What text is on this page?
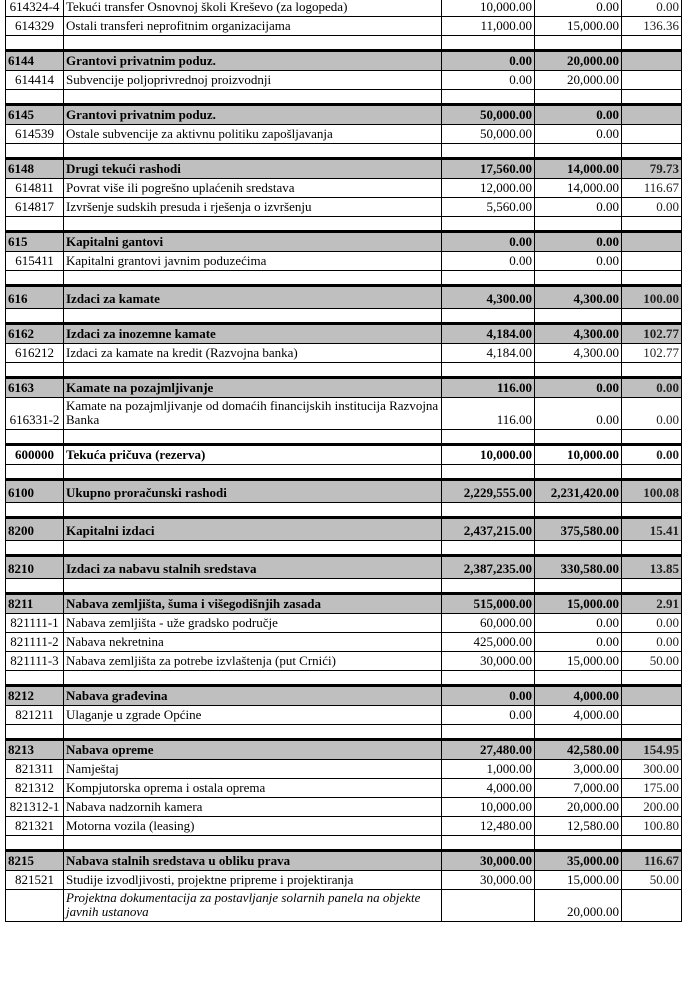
614324-4	Tekući transfer Osnovnoj školi Kreševo (za logopeda)	10,000.00	0.00	0.00
614329	Ostali transferi neprofitnim organizacijama	11,000.00	15,000.00	136.36

6144	Grantovi privatnim poduz.	0.00	20,000.00	
614414	Subvencije poljoprivrednoj proizvodnji	0.00	20,000.00	

6145	Grantovi privatnim poduz.	50,000.00	0.00	
614539	Ostale subvencije za aktivnu politiku zapošljavanja	50,000.00	0.00	

6148	Drugi tekući rashodi	17,560.00	14,000.00	79.73
614811	Povrat više ili pogrešno uplaćenih sredstava	12,000.00	14,000.00	116.67
614817	Izvršenje sudskih presuda i rješenja o izvršenju	5,560.00	0.00	0.00

615	Kapitalni gantovi	0.00	0.00	
615411	Kapitalni grantovi javnim poduzećima	0.00	0.00	

616	Izdaci za kamate	4,300.00	4,300.00	100.00

6162	Izdaci za inozemne kamate	4,184.00	4,300.00	102.77
616212	Izdaci za kamate na kredit (Razvojna banka)	4,184.00	4,300.00	102.77

6163	Kamate na pozajmljivanje	116.00	0.00	0.00
616331-2	Kamate na pozajmljivanje od domaćih financijskih institucija Razvojna Banka	116.00	0.00	0.00

600000	Tekuća pričuva (rezerva)	10,000.00	10,000.00	0.00

6100	Ukupno proračunski rashodi	2,229,555.00	2,231,420.00	100.08

8200	Kapitalni izdaci	2,437,215.00	375,580.00	15.41

8210	Izdaci za nabavu stalnih sredstava	2,387,235.00	330,580.00	13.85

8211	Nabava zemljišta, šuma i višegodišnjih zasada	515,000.00	15,000.00	2.91
821111-1	Nabava zemljišta - uže gradsko područje	60,000.00	0.00	0.00
821111-2	Nabava nekretnina	425,000.00	0.00	0.00
821111-3	Nabava zemljišta za potrebe izvlaštenja (put Crnići)	30,000.00	15,000.00	50.00

8212	Nabava građevina	0.00	4,000.00	
821211	Ulaganje u zgrade Općine	0.00	4,000.00	

8213	Nabava opreme	27,480.00	42,580.00	154.95
821311	Namještaj	1,000.00	3,000.00	300.00
821312	Kompjutorska oprema i ostala oprema	4,000.00	7,000.00	175.00
821312-1	Nabava nadzornih kamera	10,000.00	20,000.00	200.00
821321	Motorna vozila (leasing)	12,480.00	12,580.00	100.80

8215	Nabava stalnih sredstava u obliku prava	30,000.00	35,000.00	116.67
821521	Studije izvodljivosti, projektne pripreme i projektiranja	30,000.00	15,000.00	50.00
	Projektna dokumentacija za postavljanje solarnih panela na objekte javnih ustanova		20,000.00	
